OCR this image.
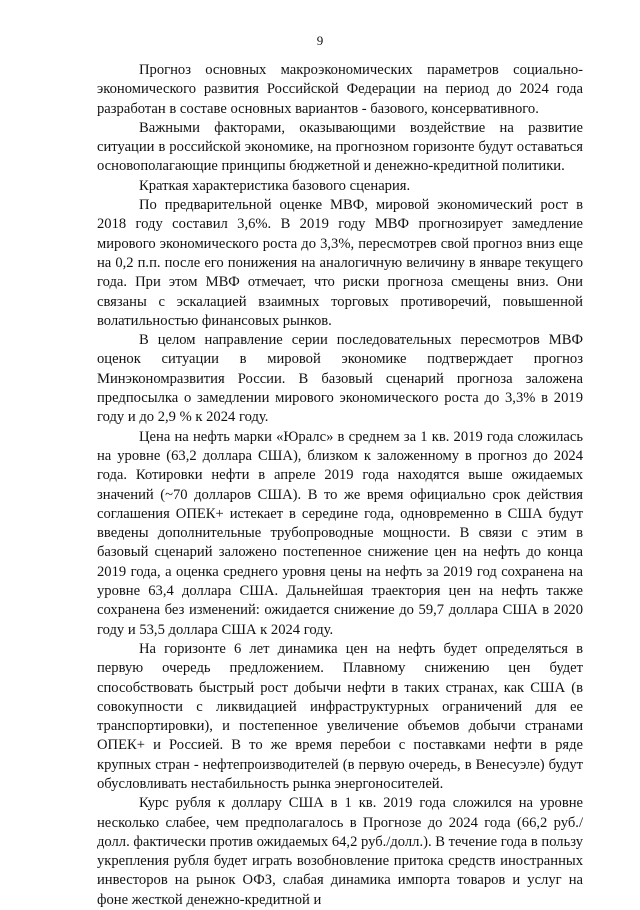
9

Прогноз основных макроэкономических параметров социально-экономического развития Российской Федерации на период до 2024 года разработан в составе основных вариантов - базового, консервативного.

Важными факторами, оказывающими воздействие на развитие ситуации в российской экономике, на прогнозном горизонте будут оставаться основополагающие принципы бюджетной и денежно-кредитной политики.

Краткая характеристика базового сценария.

По предварительной оценке МВФ, мировой экономический рост в 2018 году составил 3,6%. В 2019 году МВФ прогнозирует замедление мирового экономического роста до 3,3%, пересмотрев свой прогноз вниз еще на 0,2 п.п. после его понижения на аналогичную величину в январе текущего года. При этом МВФ отмечает, что риски прогноза смещены вниз. Они связаны с эскалацией взаимных торговых противоречий, повышенной волатильностью финансовых рынков.

В целом направление серии последовательных пересмотров МВФ оценок ситуации в мировой экономике подтверждает прогноз Минэкономразвития России. В базовый сценарий прогноза заложена предпосылка о замедлении мирового экономического роста до 3,3% в 2019 году и до 2,9 % к 2024 году.

Цена на нефть марки «Юралс» в среднем за 1 кв. 2019 года сложилась на уровне (63,2 доллара США), близком к заложенному в прогноз до 2024 года. Котировки нефти в апреле 2019 года находятся выше ожидаемых значений (~70 долларов США). В то же время официально срок действия соглашения ОПЕК+ истекает в середине года, одновременно в США будут введены дополнительные трубопроводные мощности. В связи с этим в базовый сценарий заложено постепенное снижение цен на нефть до конца 2019 года, а оценка среднего уровня цены на нефть за 2019 год сохранена на уровне 63,4 доллара США. Дальнейшая траектория цен на нефть также сохранена без изменений: ожидается снижение до 59,7 доллара США в 2020 году и 53,5 доллара США к 2024 году.

На горизонте 6 лет динамика цен на нефть будет определяться в первую очередь предложением. Плавному снижению цен будет способствовать быстрый рост добычи нефти в таких странах, как США (в совокупности с ликвидацией инфраструктурных ограничений для ее транспортировки), и постепенное увеличение объемов добычи странами ОПЕК+ и Россией. В то же время перебои с поставками нефти в ряде крупных стран - нефтепроизводителей (в первую очередь, в Венесуэле) будут обусловливать нестабильность рынка энергоносителей.

Курс рубля к доллару США в 1 кв. 2019 года сложился на уровне несколько слабее, чем предполагалось в Прогнозе до 2024 года (66,2 руб./долл. фактически против ожидаемых 64,2 руб./долл.). В течение года в пользу укрепления рубля будет играть возобновление притока средств иностранных инвесторов на рынок ОФЗ, слабая динамика импорта товаров и услуг на фоне жесткой денежно-кредитной и
